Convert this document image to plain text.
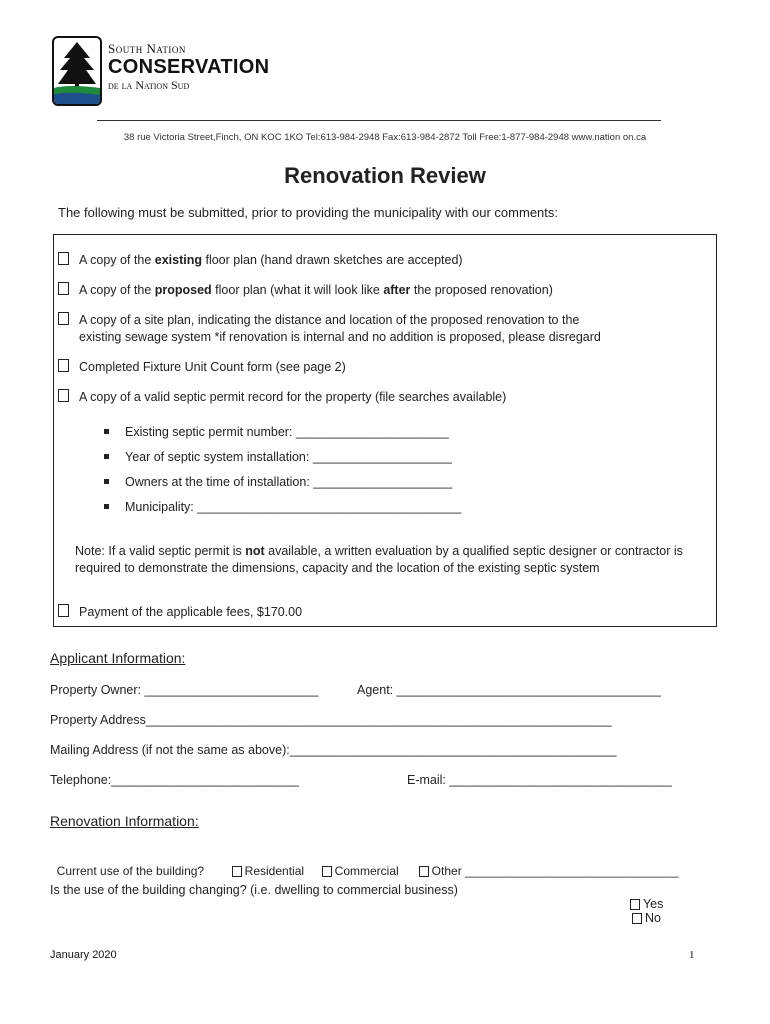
South Nation
CONSERVATION
de la Nation Sud
38 rue Victoria Street,Finch, ON KOC 1KO Tel:613-984-2948 Fax:613-984-2872 Toll Free:1-877-984-2948 www.nation on.ca
Renovation Review
The following must be submitted, prior to providing the municipality with our comments:
A copy of the existing floor plan (hand drawn sketches are accepted)
A copy of the proposed floor plan (what it will look like after the proposed renovation)
A copy of a site plan, indicating the distance and location of the proposed renovation to the
existing sewage system *if renovation is internal and no addition is proposed, please disregard
Completed Fixture Unit Count form (see page 2)
A copy of a valid septic permit record for the property (file searches available)
Existing septic permit number: ______________________
Year of septic system installation: ____________________
Owners at the time of installation: ____________________
Municipality: ______________________________________
Note: If a valid septic permit is not available, a written evaluation by a qualified septic designer or contractor is required to demonstrate the dimensions, capacity and the location of the existing septic system
Payment of the applicable fees, $170.00
Applicant Information:
Property Owner: _________________________	Agent: ______________________________________
Property Address___________________________________________________________________
Mailing Address (if not the same as above):_______________________________________________
Telephone:___________________________	E-mail: ________________________________
Renovation Information:

Current use of the building?	Residential	Commercial	Other ________________________________

Is the use of the building changing? (i.e. dwelling to commercial business)

Yes
No

January 2020	1
